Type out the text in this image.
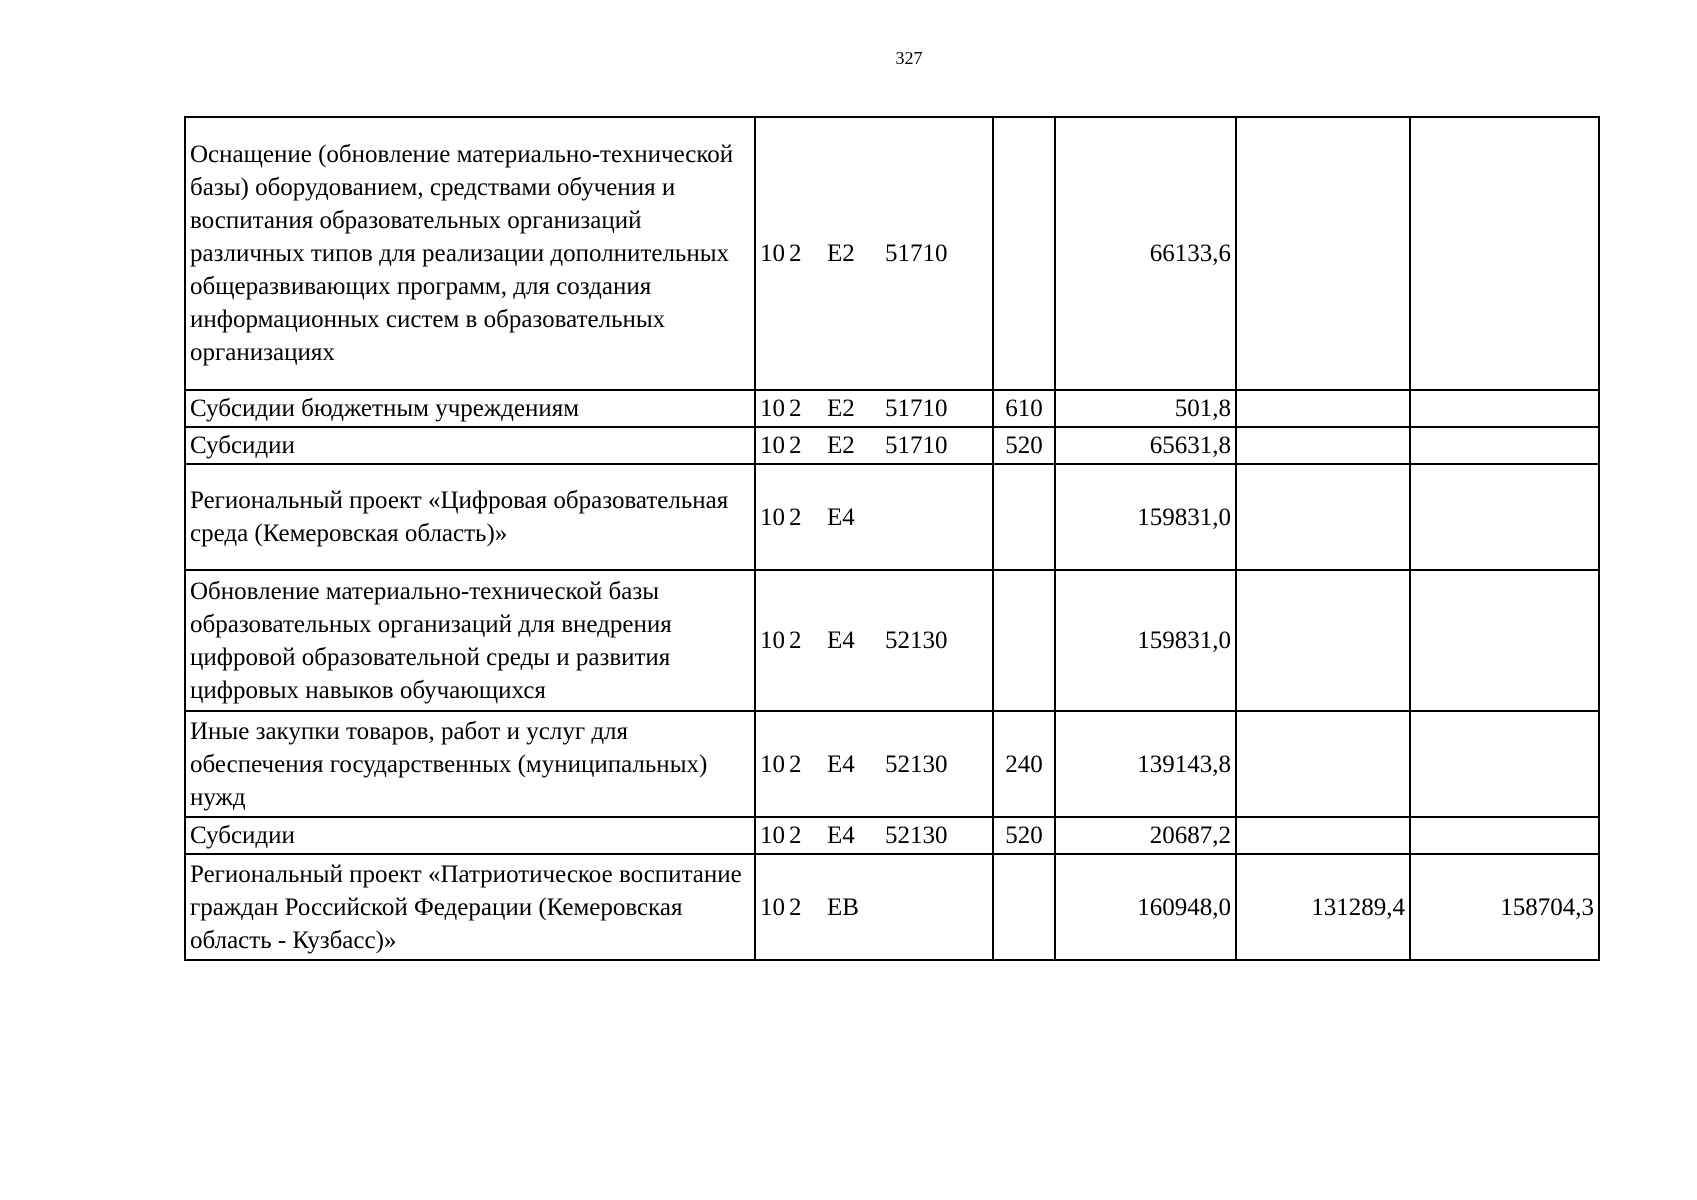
327
Оснащение (обновление материально-технической базы) оборудованием, средствами обучения и воспитания образовательных организаций различных типов для реализации дополнительных общеразвивающих программ, для создания информационных систем в образовательных организациях	10 2 E2 51710		66133,6		
Субсидии бюджетным учреждениям	10 2 E2 51710	610	501,8		
Субсидии	10 2 E2 51710	520	65631,8		
Региональный проект «Цифровая образовательная среда (Кемеровская область)»	10 2 E4		159831,0		
Обновление материально-технической базы образовательных организаций для внедрения цифровой образовательной среды и развития цифровых навыков обучающихся	10 2 E4 52130		159831,0		
Иные закупки товаров, работ и услуг для обеспечения государственных (муниципальных) нужд	10 2 E4 52130	240	139143,8		
Субсидии	10 2 E4 52130	520	20687,2		
Региональный проект «Патриотическое воспитание граждан Российской Федерации (Кемеровская область - Кузбасс)»	10 2 EB		160948,0	131289,4	158704,3
